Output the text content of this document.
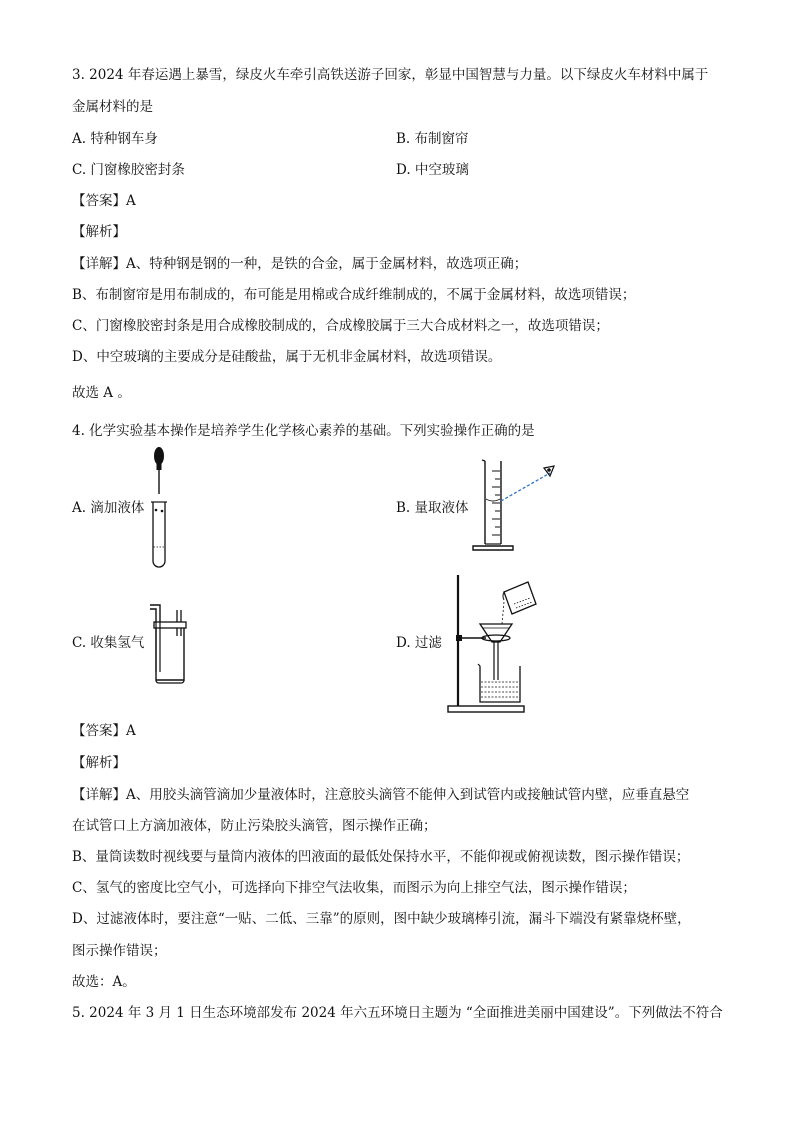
3. 2024 年春运遇上暴雪，绿皮火车牵引高铁送游子回家，彰显中国智慧与力量。以下绿皮火车材料中属于
金属材料的是
A. 特种钢车身	B. 布制窗帘
C. 门窗橡胶密封条	D. 中空玻璃
【答案】A
【解析】
【详解】A、特种钢是钢的一种，是铁的合金，属于金属材料，故选项正确；
B、布制窗帘是用布制成的，布可能是用棉或合成纤维制成的，不属于金属材料，故选项错误；
C、门窗橡胶密封条是用合成橡胶制成的，合成橡胶属于三大合成材料之一，故选项错误；
D、中空玻璃的主要成分是硅酸盐，属于无机非金属材料，故选项错误。
故选 A 。
4. 化学实验基本操作是培养学生化学核心素养的基础。下列实验操作正确的是
A. 滴加液体	B. 量取液体
C. 收集氢气	D. 过滤
【答案】A
【解析】
【详解】A、用胶头滴管滴加少量液体时，注意胶头滴管不能伸入到试管内或接触试管内壁，应垂直悬空
在试管口上方滴加液体，防止污染胶头滴管，图示操作正确；
B、量筒读数时视线要与量筒内液体的凹液面的最低处保持水平，不能仰视或俯视读数，图示操作错误；
C、氢气的密度比空气小，可选择向下排空气法收集，而图示为向上排空气法，图示操作错误；
D、过滤液体时，要注意“一贴、二低、三靠”的原则，图中缺少玻璃棒引流，漏斗下端没有紧靠烧杯壁，
图示操作错误；
故选：A。
5. 2024 年 3 月 1 日生态环境部发布 2024 年六五环境日主题为 “全面推进美丽中国建设”。下列做法不符合
